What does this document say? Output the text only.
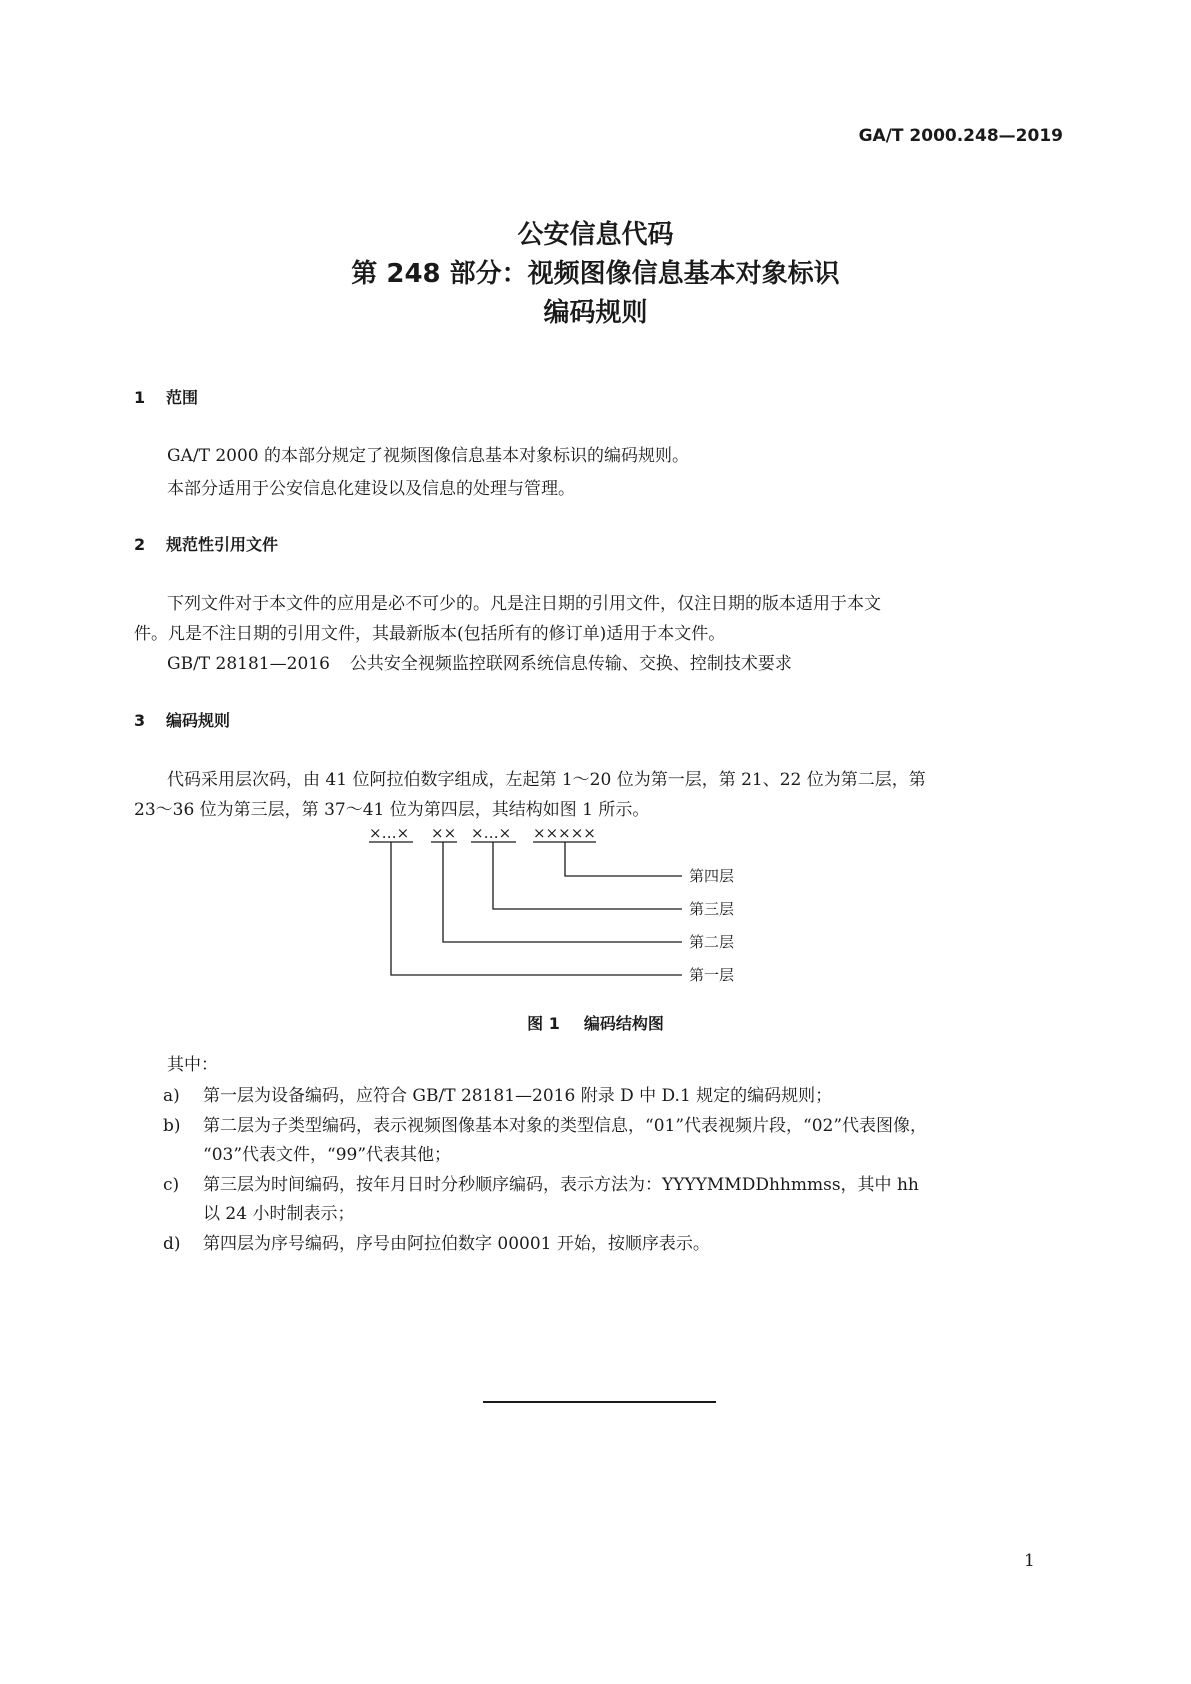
GA/T 2000.248—2019
公安信息代码
第 248 部分：视频图像信息基本对象标识
编码规则
1 范围
GA/T 2000 的本部分规定了视频图像信息基本对象标识的编码规则。
本部分适用于公安信息化建设以及信息的处理与管理。
2 规范性引用文件
下列文件对于本文件的应用是必不可少的。凡是注日期的引用文件，仅注日期的版本适用于本文
件。凡是不注日期的引用文件，其最新版本(包括所有的修订单)适用于本文件。
GB/T 28181—2016 公共安全视频监控联网系统信息传输、交换、控制技术要求
3 编码规则
代码采用层次码，由 41 位阿拉伯数字组成，左起第 1～20 位为第一层，第 21、22 位为第二层，第
23～36 位为第三层，第 37～41 位为第四层，其结构如图 1 所示。
×…× ×× ×…× ×××××
第四层
第三层
第二层
第一层
图 1 编码结构图
其中：
a) 第一层为设备编码，应符合 GB/T 28181—2016 附录 D 中 D.1 规定的编码规则；
b) 第二层为子类型编码，表示视频图像基本对象的类型信息，“01”代表视频片段，“02”代表图像，
“03”代表文件，“99”代表其他；
c) 第三层为时间编码，按年月日时分秒顺序编码，表示方法为：YYYYMMDDhhmmss，其中 hh
以 24 小时制表示；
d) 第四层为序号编码，序号由阿拉伯数字 00001 开始，按顺序表示。
1
